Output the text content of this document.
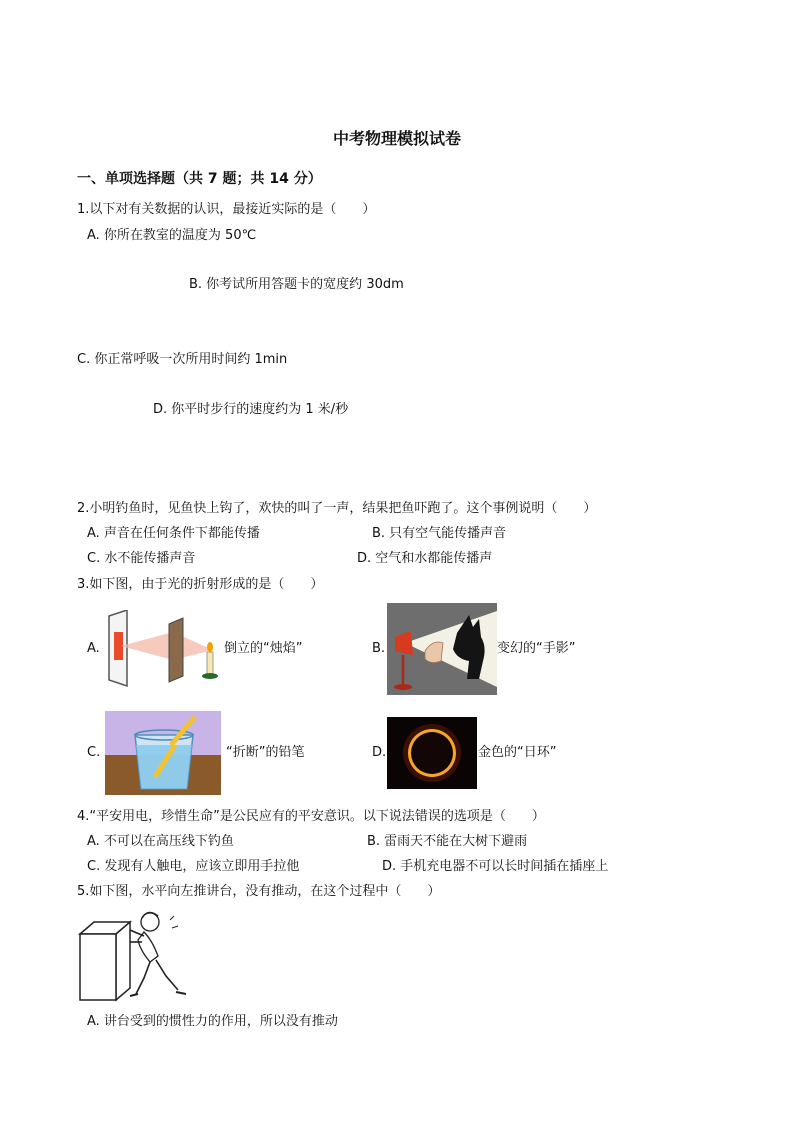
中考物理模拟试卷
一、单项选择题（共 7 题；共 14 分）
1.以下对有关数据的认识，最接近实际的是（　　）
A. 你所在教室的温度为 50℃
B. 你考试所用答题卡的宽度约 30dm
C. 你正常呼吸一次所用时间约 1min
D. 你平时步行的速度约为 1 米/秒
2.小明钓鱼时，见鱼快上钩了，欢快的叫了一声，结果把鱼吓跑了。这个事例说明（　　）
A. 声音在任何条件下都能传播	B. 只有空气能传播声音
C. 水不能传播声音	D. 空气和水都能传播声
3.如下图，由于光的折射形成的是（　　）
A.	倒立的“烛焰”	B.	变幻的“手影”
C.	“折断”的铅笔	D.	金色的“日环”
4.“平安用电，珍惜生命”是公民应有的平安意识。以下说法错误的选项是（　　）
A. 不可以在高压线下钓鱼	B. 雷雨天不能在大树下避雨
C. 发现有人触电，应该立即用手拉他	D. 手机充电器不可以长时间插在插座上
5.如下图，水平向左推讲台，没有推动，在这个过程中（　　）
A. 讲台受到的惯性力的作用，所以没有推动
